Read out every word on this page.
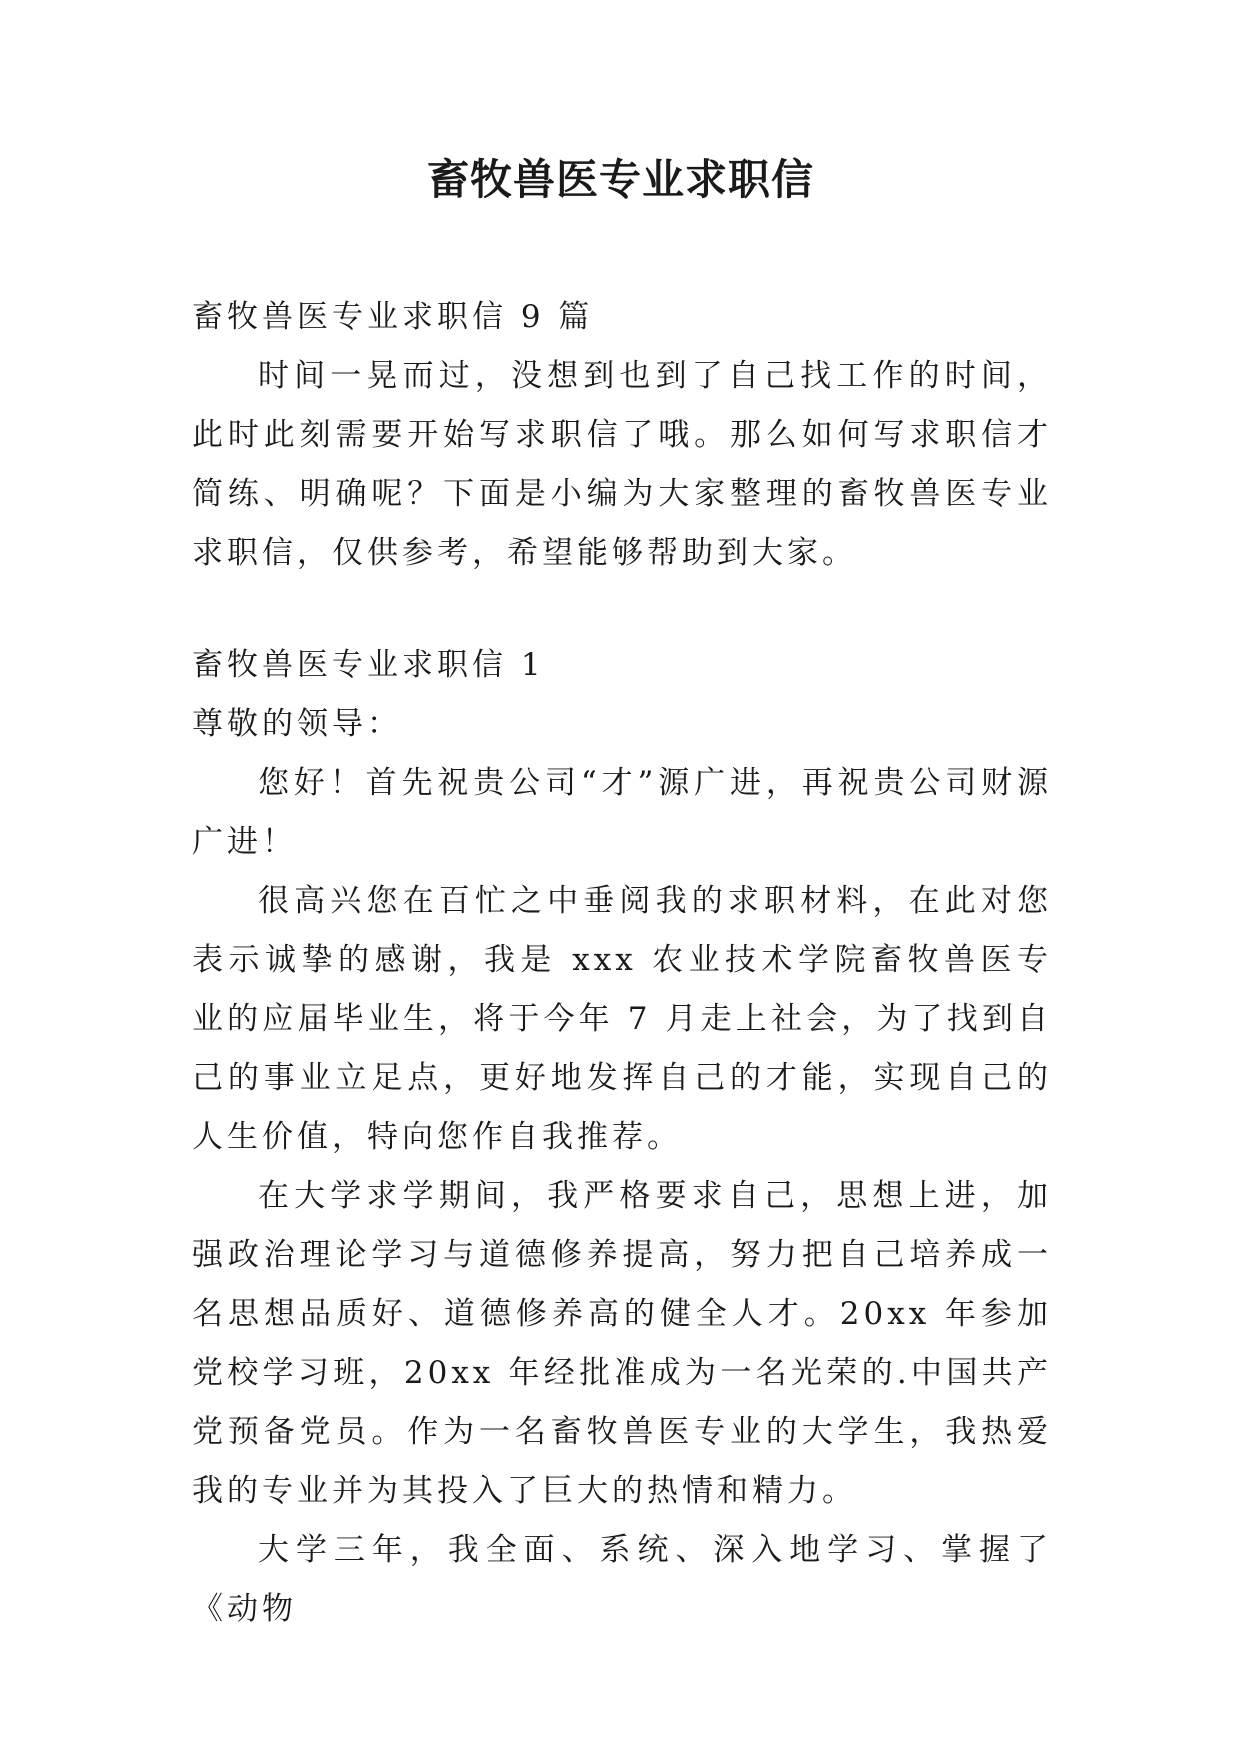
畜牧兽医专业求职信

畜牧兽医专业求职信 9 篇

时间一晃而过，没想到也到了自己找工作的时间，此时此刻需要开始写求职信了哦。那么如何写求职信才简练、明确呢？下面是小编为大家整理的畜牧兽医专业求职信，仅供参考，希望能够帮助到大家。

畜牧兽医专业求职信 1

尊敬的领导：

您好！首先祝贵公司“才”源广进，再祝贵公司财源广进！

很高兴您在百忙之中垂阅我的求职材料，在此对您表示诚挚的感谢，我是 xxx 农业技术学院畜牧兽医专业的应届毕业生，将于今年 7 月走上社会，为了找到自己的事业立足点，更好地发挥自己的才能，实现自己的人生价值，特向您作自我推荐。

在大学求学期间，我严格要求自己，思想上进，加强政治理论学习与道德修养提高，努力把自己培养成一名思想品质好、道德修养高的健全人才。20xx 年参加党校学习班，20xx 年经批准成为一名光荣的.中国共产党预备党员。作为一名畜牧兽医专业的大学生，我热爱我的专业并为其投入了巨大的热情和精力。

大学三年，我全面、系统、深入地学习、掌握了《动物
